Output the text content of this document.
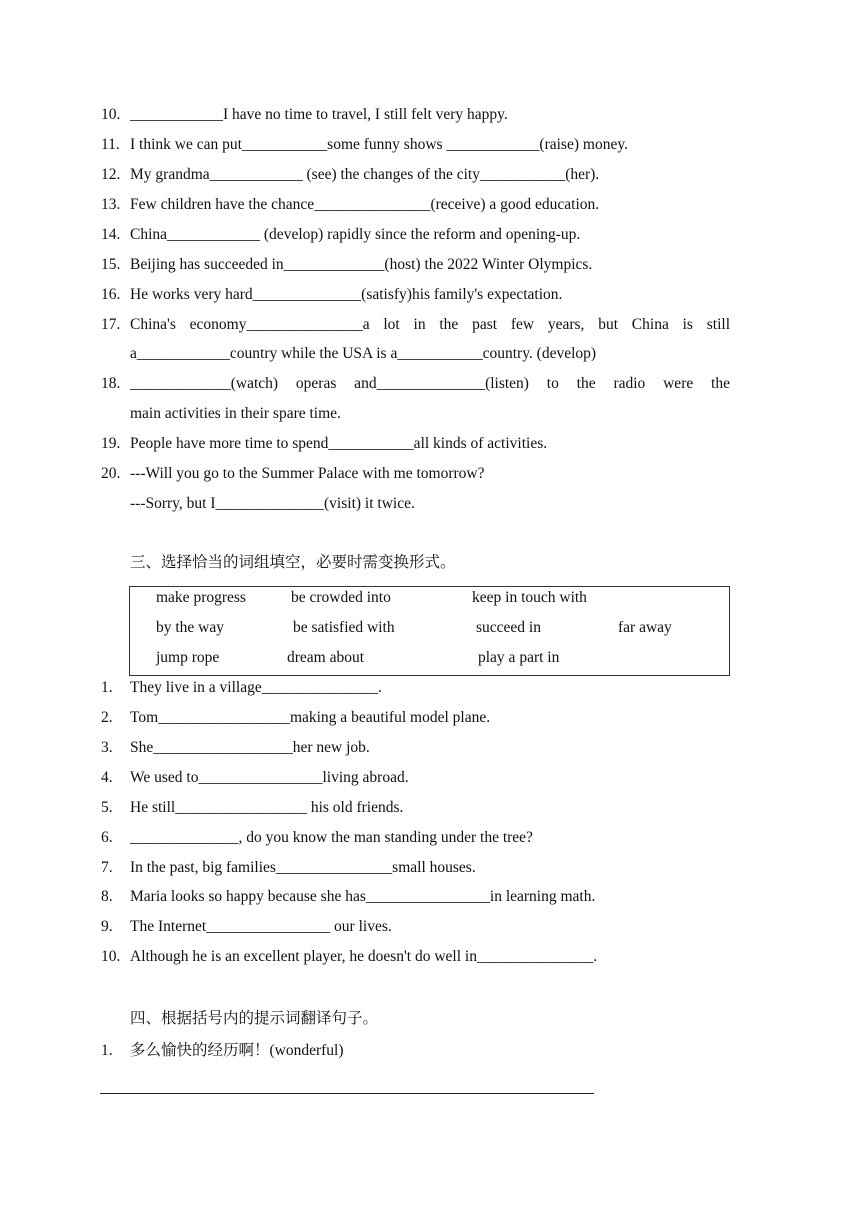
10. ____________I have no time to travel, I still felt very happy.
11. I think we can put___________some funny shows ____________(raise) money.
12. My grandma____________ (see) the changes of the city___________(her).
13. Few children have the chance_______________(receive) a good education.
14. China____________ (develop) rapidly since the reform and opening-up.
15. Beijing has succeeded in_____________(host) the 2022 Winter Olympics.
16. He works very hard______________(satisfy)his family's expectation.
17. China's economy_______________a lot in the past few years, but China is still
a____________country while the USA is a___________country. (develop)
18. _____________(watch) operas and______________(listen) to the radio were the
main activities in their spare time.
19. People have more time to spend___________all kinds of activities.
20. ---Will you go to the Summer Palace with me tomorrow?
---Sorry, but I______________(visit) it twice.
三、选择恰当的词组填空，必要时需变换形式。
make progress	be crowded into	keep in touch with
by the way	be satisfied with	succeed in	far away
jump rope	dream about	play a part in
1. They live in a village_______________.
2. Tom_________________making a beautiful model plane.
3. She__________________her new job.
4. We used to________________living abroad.
5. He still_________________ his old friends.
6. ______________, do you know the man standing under the tree?
7. In the past, big families_______________small houses.
8. Maria looks so happy because she has________________in learning math.
9. The Internet________________ our lives.
10. Although he is an excellent player, he doesn't do well in_______________.
四、根据括号内的提示词翻译句子。
1. 多么愉快的经历啊！(wonderful)
